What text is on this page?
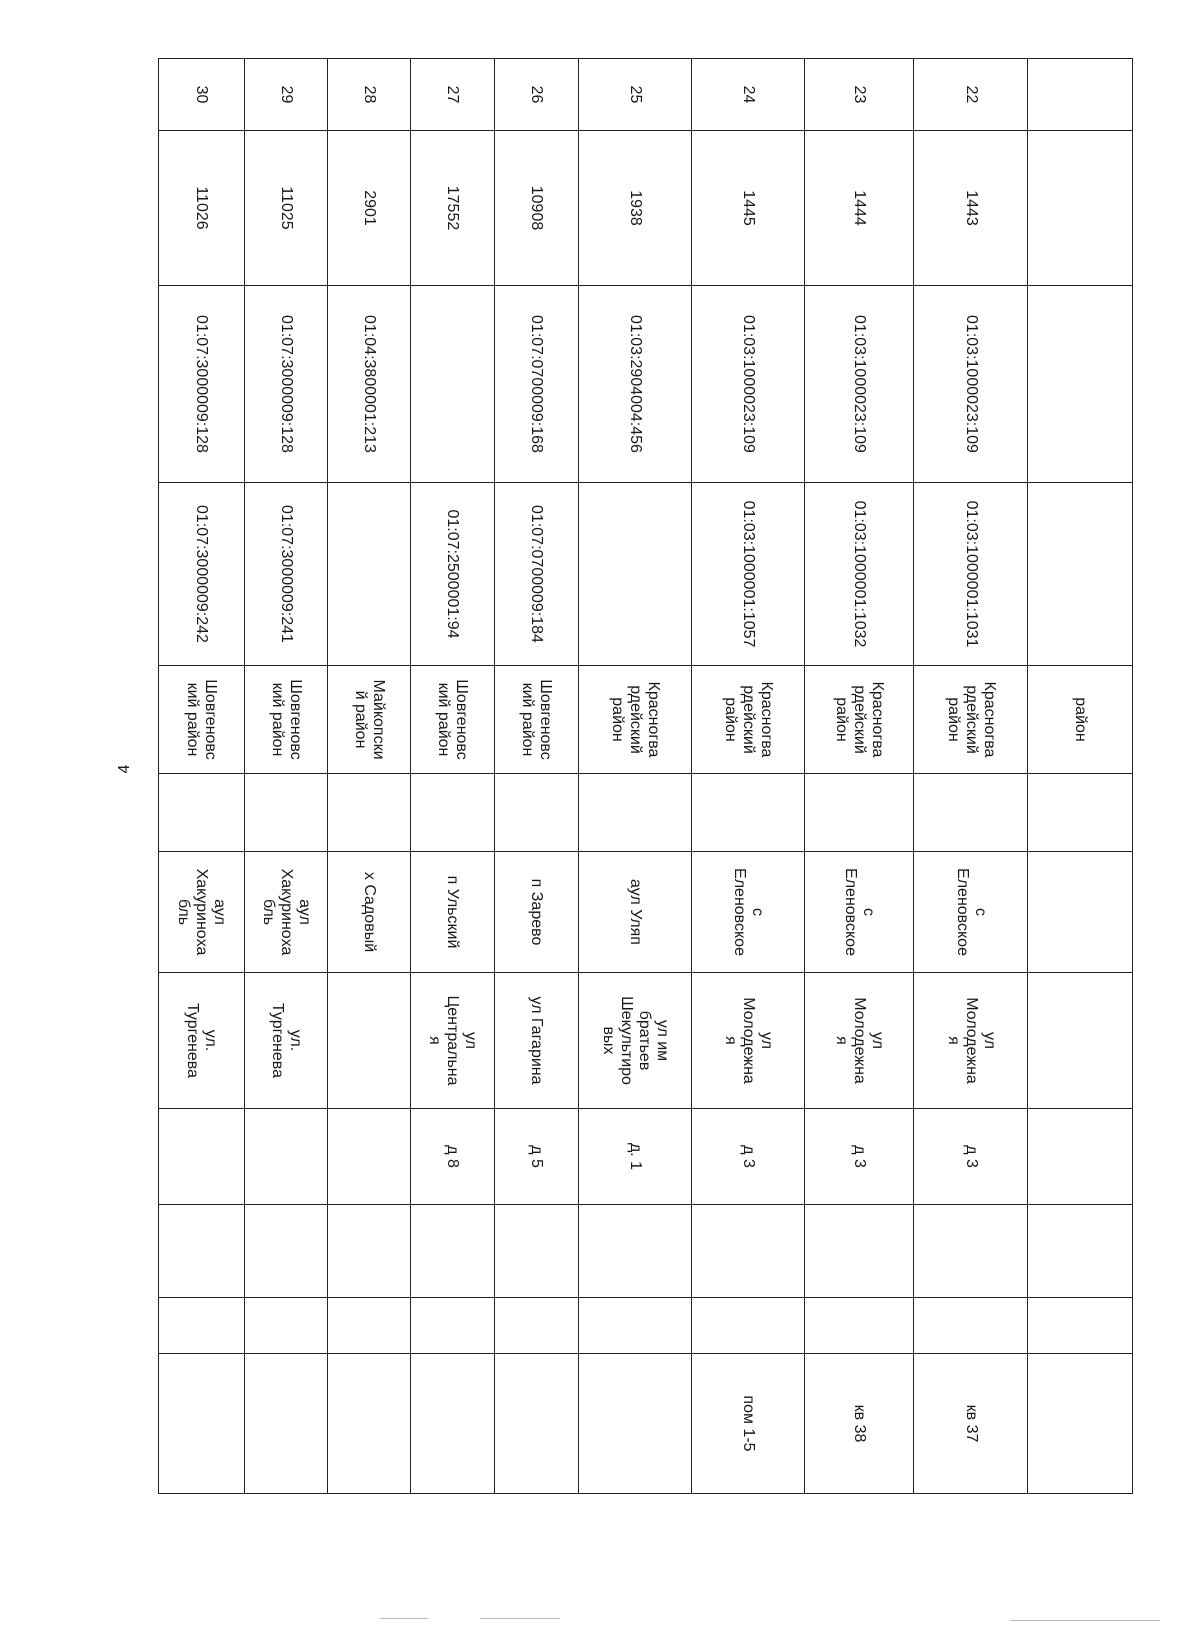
4
				район							
22	1443	01:03:1000023:109	01:03:1000001:1031	Красногва
рдейский
район		с
Еленовское	ул
Молодежна
я	д 3			кв 37
23	1444	01:03:1000023:109	01:03:1000001:1032	Красногва
рдейский
район		с
Еленовское	ул
Молодежна
я	д 3			кв 38
24	1445	01:03:1000023:109	01:03:1000001:1057	Красногва
рдейский
район		с
Еленовское	ул
Молодежна
я	д 3			пом 1-5
25	1938	01:03:2904004:456		Красногва
рдейский
район		аул Уляп	ул им
братьев
Шекультиро
вых	д. 1			
26	10908	01:07:0700009:168	01:07:0700009:184	Шовгеновс
кий район		п Зарево	ул Гагарина	д 5			
27	17552		01:07:2500001:94	Шовгеновс
кий район		п Ульский	ул
Центральна
я	д 8			
28	2901	01:04:3800001:213		Майкопски
й район		х Садовый					
29	11025	01:07:3000009:128	01:07:3000009:241	Шовгеновс
кий район		аул
Хакуринoха
бль	ул.
Тургенева				
30	11026	01:07:3000009:128	01:07:3000009:242	Шовгеновс
кий район		аул
Хакуринoха
бль	ул.
Тургенева				
